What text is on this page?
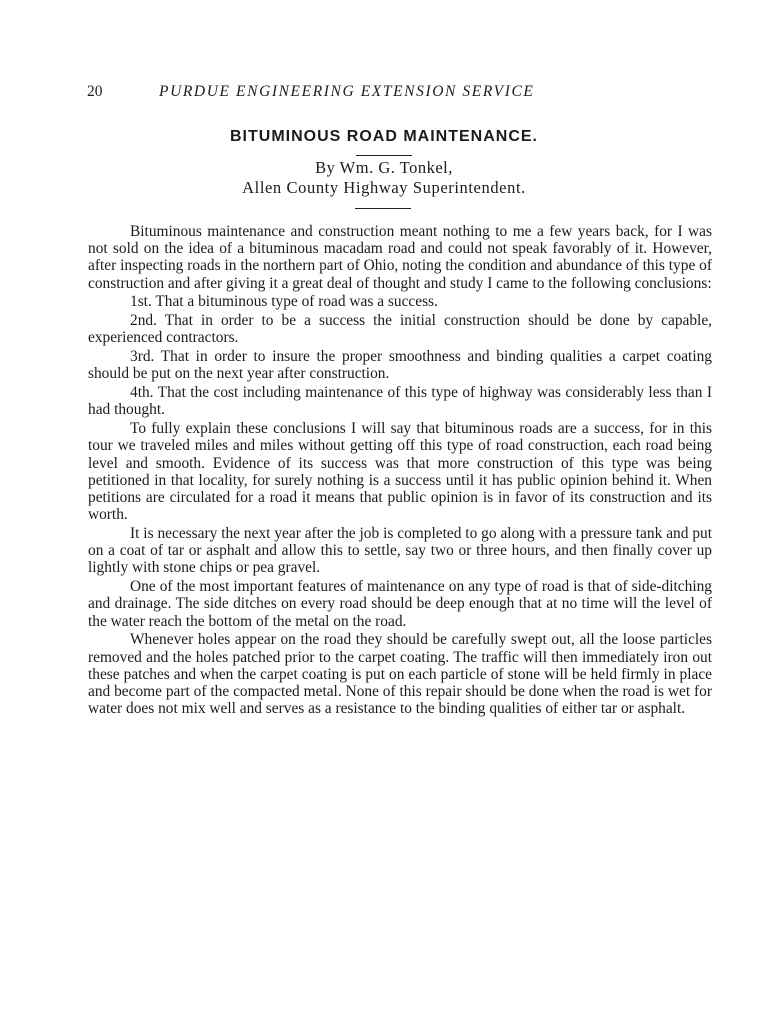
20	PURDUE ENGINEERING EXTENSION SERVICE
BITUMINOUS ROAD MAINTENANCE.
By Wm. G. Tonkel,
Allen County Highway Superintendent.

Bituminous maintenance and construction meant nothing to me a few years back, for I was not sold on the idea of a bituminous macadam road and could not speak favorably of it. However, after inspecting roads in the northern part of Ohio, noting the condition and abundance of this type of construction and after giving it a great deal of thought and study I came to the following conclusions:

1st. That a bituminous type of road was a success.

2nd. That in order to be a success the initial construction should be done by capable, experienced contractors.

3rd. That in order to insure the proper smoothness and binding qualities a carpet coating should be put on the next year after construction.

4th. That the cost including maintenance of this type of highway was considerably less than I had thought.

To fully explain these conclusions I will say that bituminous roads are a success, for in this tour we traveled miles and miles without getting off this type of road construction, each road being level and smooth. Evidence of its success was that more construction of this type was being petitioned in that locality, for surely nothing is a success until it has public opinion behind it. When petitions are circulated for a road it means that public opinion is in favor of its construction and its worth.

It is necessary the next year after the job is completed to go along with a pressure tank and put on a coat of tar or asphalt and allow this to settle, say two or three hours, and then finally cover up lightly with stone chips or pea gravel.

One of the most important features of maintenance on any type of road is that of side-ditching and drainage. The side ditches on every road should be deep enough that at no time will the level of the water reach the bottom of the metal on the road.

Whenever holes appear on the road they should be carefully swept out, all the loose particles removed and the holes patched prior to the carpet coating. The traffic will then immediately iron out these patches and when the carpet coating is put on each particle of stone will be held firmly in place and become part of the compacted metal. None of this repair should be done when the road is wet for water does not mix well and serves as a resistance to the binding qualities of either tar or asphalt.
